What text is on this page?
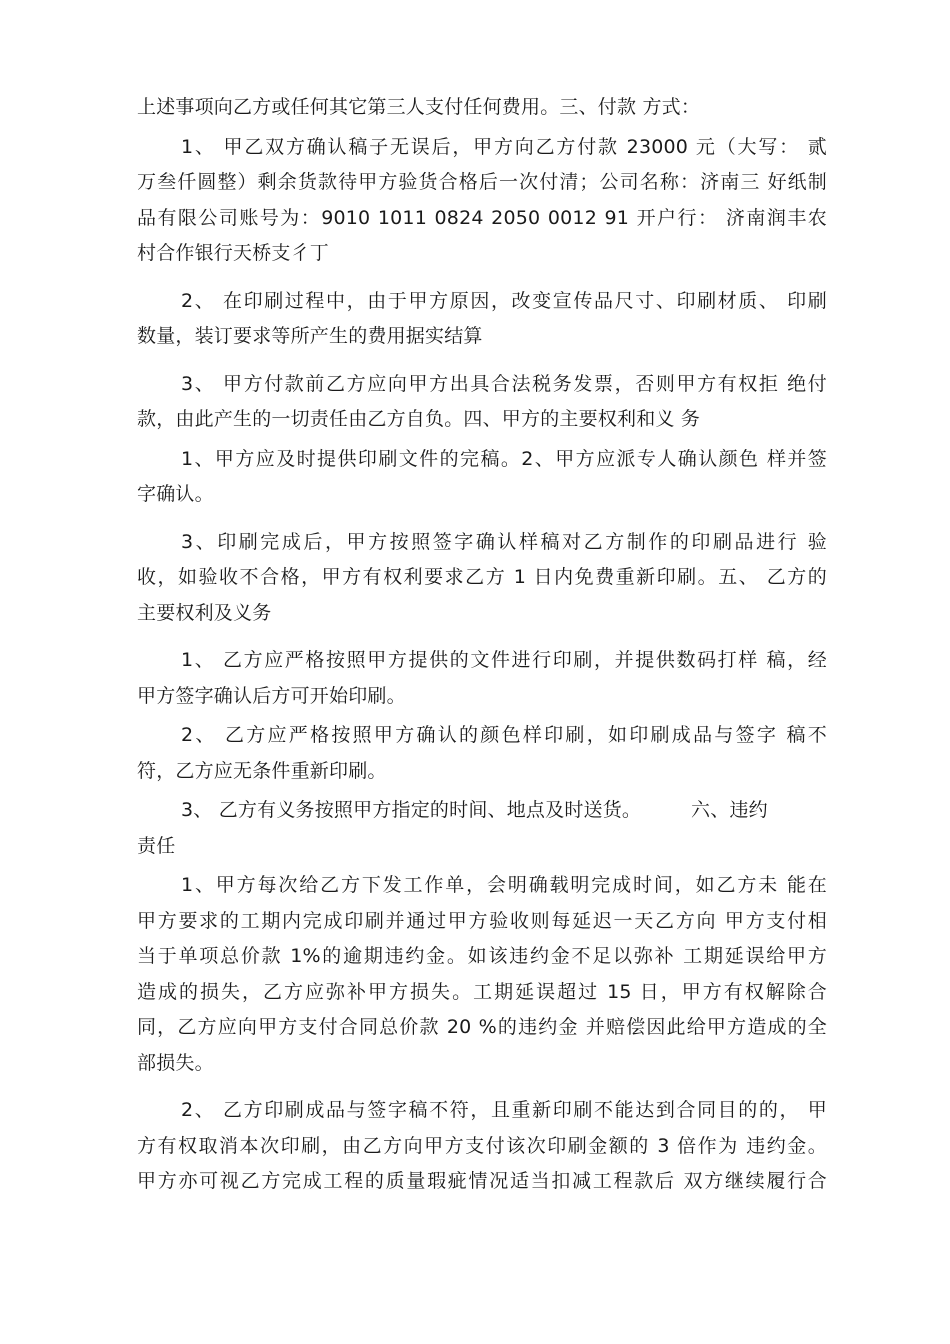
上述事项向乙方或任何其它第三人支付任何费用。三、付款 方式：

1、 甲乙双方确认稿子无误后，甲方向乙方付款 23000 元（大写： 贰
万叁仟圆整）剩余货款待甲方验货合格后一次付清；公司名称：济南三 好纸制
品有限公司账号为：9010 1011 0824 2050 0012 91 开户行： 济南润丰农
村合作银行天桥支彳丁

2、 在印刷过程中，由于甲方原因，改变宣传品尺寸、印刷材质、 印刷
数量，装订要求等所产生的费用据实结算

3、 甲方付款前乙方应向甲方出具合法税务发票，否则甲方有权拒 绝付
款，由此产生的一切责任由乙方自负。四、甲方的主要权利和义 务

1、甲方应及时提供印刷文件的完稿。2、甲方应派专人确认颜色 样并签
字确认。

3、印刷完成后，甲方按照签字确认样稿对乙方制作的印刷品进行 验
收，如验收不合格，甲方有权利要求乙方 1 日内免费重新印刷。五、 乙方的
主要权利及义务

1、 乙方应严格按照甲方提供的文件进行印刷，并提供数码打样 稿，经
甲方签字确认后方可开始印刷。

2、 乙方应严格按照甲方确认的颜色样印刷，如印刷成品与签字 稿不
符，乙方应无条件重新印刷。

3、 乙方有义务按照甲方指定的时间、地点及时送货。        六、违约
责任

1、甲方每次给乙方下发工作单，会明确载明完成时间，如乙方未 能在
甲方要求的工期内完成印刷并通过甲方验收则每延迟一天乙方向 甲方支付相
当于单项总价款 1%的逾期违约金。如该违约金不足以弥补 工期延误给甲方
造成的损失，乙方应弥补甲方损失。工期延误超过 15 日，甲方有权解除合
同，乙方应向甲方支付合同总价款 20 %的违约金 并赔偿因此给甲方造成的全
部损失。

2、 乙方印刷成品与签字稿不符，且重新印刷不能达到合同目的的， 甲
方有权取消本次印刷，由乙方向甲方支付该次印刷金额的 3 倍作为 违约金。
甲方亦可视乙方完成工程的质量瑕疵情况适当扣减工程款后 双方继续履行合
